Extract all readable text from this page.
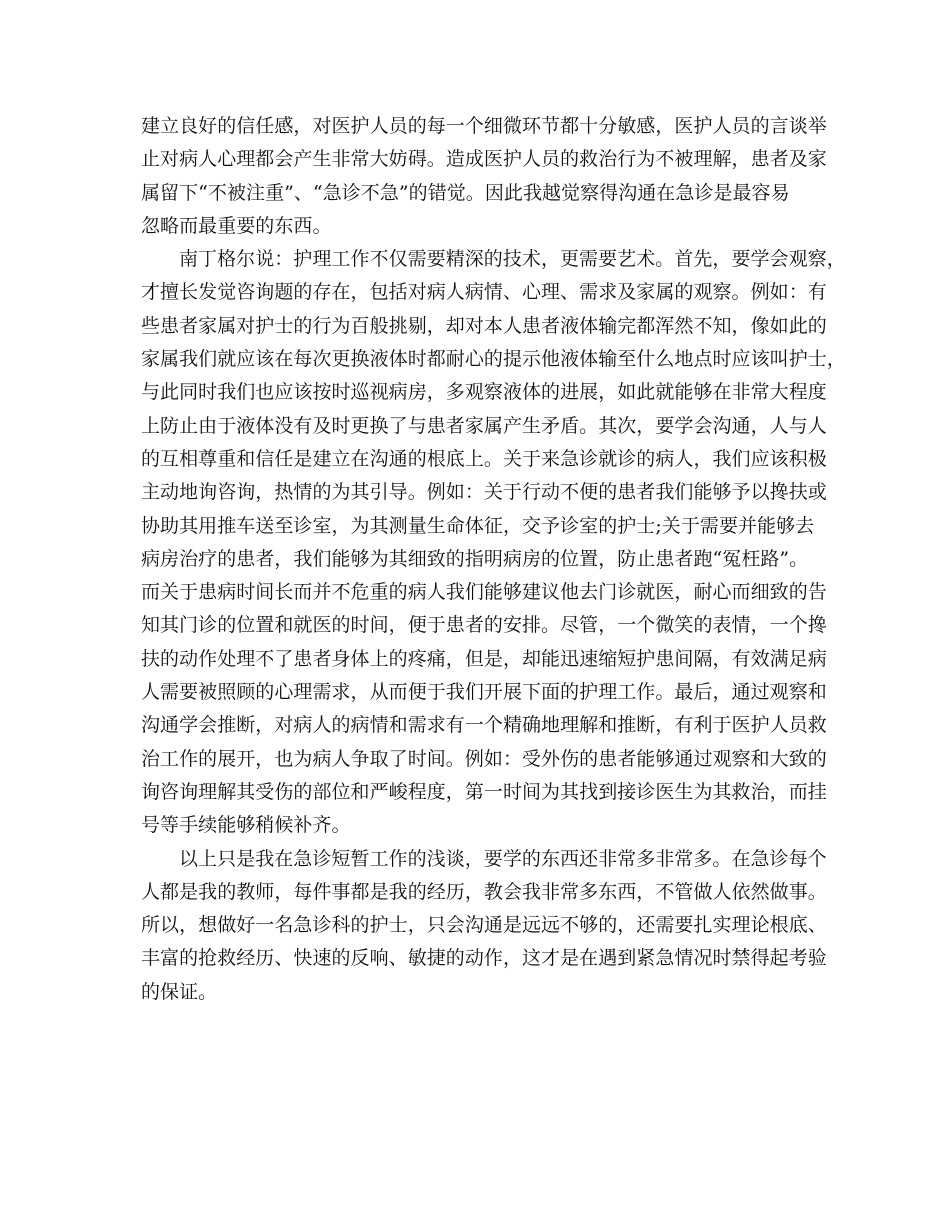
建立良好的信任感，对医护人员的每一个细微环节都十分敏感，医护人员的言谈举
止对病人心理都会产生非常大妨碍。造成医护人员的救治行为不被理解，患者及家
属留下“不被注重”、“急诊不急”的错觉。因此我越觉察得沟通在急诊是最容易
忽略而最重要的东西。
南丁格尔说：护理工作不仅需要精深的技术，更需要艺术。首先，要学会观察，
才擅长发觉咨询题的存在，包括对病人病情、心理、需求及家属的观察。例如：有
些患者家属对护士的行为百般挑剔，却对本人患者液体输完都浑然不知，像如此的
家属我们就应该在每次更换液体时都耐心的提示他液体输至什么地点时应该叫护士，
与此同时我们也应该按时巡视病房，多观察液体的进展，如此就能够在非常大程度
上防止由于液体没有及时更换了与患者家属产生矛盾。其次，要学会沟通，人与人
的互相尊重和信任是建立在沟通的根底上。关于来急诊就诊的病人，我们应该积极
主动地询咨询，热情的为其引导。例如：关于行动不便的患者我们能够予以搀扶或
协助其用推车送至诊室，为其测量生命体征，交予诊室的护士;关于需要并能够去
病房治疗的患者，我们能够为其细致的指明病房的位置，防止患者跑“冤枉路”。
而关于患病时间长而并不危重的病人我们能够建议他去门诊就医，耐心而细致的告
知其门诊的位置和就医的时间，便于患者的安排。尽管，一个微笑的表情，一个搀
扶的动作处理不了患者身体上的疼痛，但是，却能迅速缩短护患间隔，有效满足病
人需要被照顾的心理需求，从而便于我们开展下面的护理工作。最后，通过观察和
沟通学会推断，对病人的病情和需求有一个精确地理解和推断，有利于医护人员救
治工作的展开，也为病人争取了时间。例如：受外伤的患者能够通过观察和大致的
询咨询理解其受伤的部位和严峻程度，第一时间为其找到接诊医生为其救治，而挂
号等手续能够稍候补齐。
以上只是我在急诊短暂工作的浅谈，要学的东西还非常多非常多。在急诊每个
人都是我的教师，每件事都是我的经历，教会我非常多东西，不管做人依然做事。
所以，想做好一名急诊科的护士，只会沟通是远远不够的，还需要扎实理论根底、
丰富的抢救经历、快速的反响、敏捷的动作，这才是在遇到紧急情况时禁得起考验
的保证。
